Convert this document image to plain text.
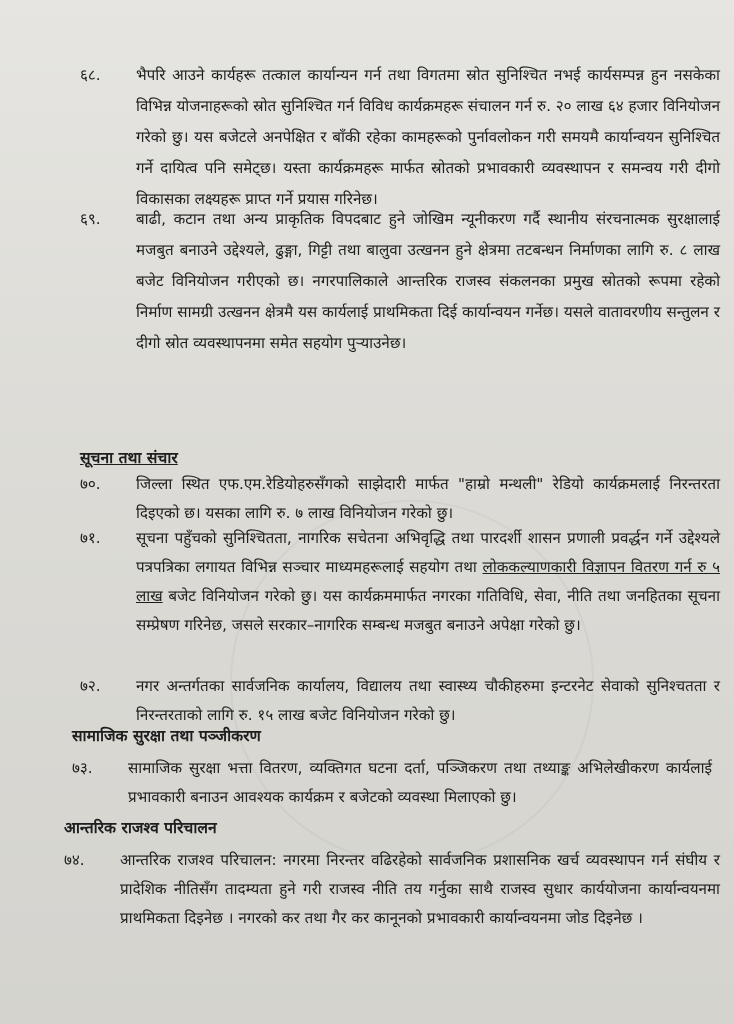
६८.	भैपरि आउने कार्यहरू तत्काल कार्यान्यन गर्न तथा विगतमा स्रोत सुनिश्चित नभई कार्यसम्पन्न हुन नसकेका विभिन्न योजनाहरूको स्रोत सुनिश्चित गर्न विविध कार्यक्रमहरू संचालन गर्न रु. २० लाख ६४ हजार विनियोजन गरेको छु। यस बजेटले अनपेक्षित र बाँकी रहेका कामहरूको पुर्नावलोकन गरी समयमै कार्यान्वयन सुनिश्चित गर्ने दायित्व पनि समेट्छ। यस्ता कार्यक्रमहरू मार्फत स्रोतको प्रभावकारी व्यवस्थापन र समन्वय गरी दीगो विकासका लक्ष्यहरू प्राप्त गर्ने प्रयास गरिनेछ।
६९.	बाढी, कटान तथा अन्य प्राकृतिक विपदबाट हुने जोखिम न्यूनीकरण गर्दै स्थानीय संरचनात्मक सुरक्षालाई मजबुत बनाउने उद्देश्यले, ढुङ्गा, गिट्टी तथा बालुवा उत्खनन हुने क्षेत्रमा तटबन्धन निर्माणका लागि रु. ८ लाख बजेट विनियोजन गरीएको छ। नगरपालिकाले आन्तरिक राजस्व संकलनका प्रमुख स्रोतको रूपमा रहेको निर्माण सामग्री उत्खनन क्षेत्रमै यस कार्यलाई प्राथमिकता दिई कार्यान्वयन गर्नेछ। यसले वातावरणीय सन्तुलन र दीगो स्रोत व्यवस्थापनमा समेत सहयोग पुर्‍याउनेछ।
सूचना तथा संचार
७०.	जिल्ला स्थित एफ.एम.रेडियोहरुसँगको साझेदारी मार्फत "हाम्रो मन्थली" रेडियो कार्यक्रमलाई निरन्तरता दिइएको छ। यसका लागि रु. ७ लाख विनियोजन गरेको छु।
७१.	सूचना पहुँचको सुनिश्चितता, नागरिक सचेतना अभिवृद्धि तथा पारदर्शी शासन प्रणाली प्रवर्द्धन गर्ने उद्देश्यले पत्रपत्रिका लगायत विभिन्न सञ्चार माध्यमहरूलाई सहयोग तथा लोककल्याणकारी विज्ञापन वितरण गर्न रु ५ लाख बजेट विनियोजन गरेको छु। यस कार्यक्रममार्फत नगरका गतिविधि, सेवा, नीति तथा जनहितका सूचना सम्प्रेषण गरिनेछ, जसले सरकार–नागरिक सम्बन्ध मजबुत बनाउने अपेक्षा गरेको छु।
७२.	नगर अन्तर्गतका सार्वजनिक कार्यालय, विद्यालय तथा स्वास्थ्य चौकीहरुमा इन्टरनेट सेवाको सुनिश्चतता र निरन्तरताको लागि रु. १५ लाख बजेट विनियोजन गरेको छु।
सामाजिक सुरक्षा तथा पञ्जीकरण
७३.	सामाजिक सुरक्षा भत्ता वितरण, व्यक्तिगत घटना दर्ता, पञ्जिकरण तथा तथ्याङ्क अभिलेखीकरण कार्यलाई प्रभावकारी बनाउन आवश्यक कार्यक्रम र बजेटको व्यवस्था मिलाएको छु।
आन्तरिक राजश्व परिचालन
७४.	आन्तरिक राजश्व परिचालन: नगरमा निरन्तर वढिरहेको सार्वजनिक प्रशासनिक खर्च व्यवस्थापन गर्न संघीय र प्रादेशिक नीतिसँग तादम्यता हुने गरी राजस्व नीति तय गर्नुका साथै राजस्व सुधार कार्ययोजना कार्यान्वयनमा प्राथमिकता दिइनेछ । नगरको कर तथा गैर कर कानूनको प्रभावकारी कार्यान्वयनमा जोड दिइनेछ ।
